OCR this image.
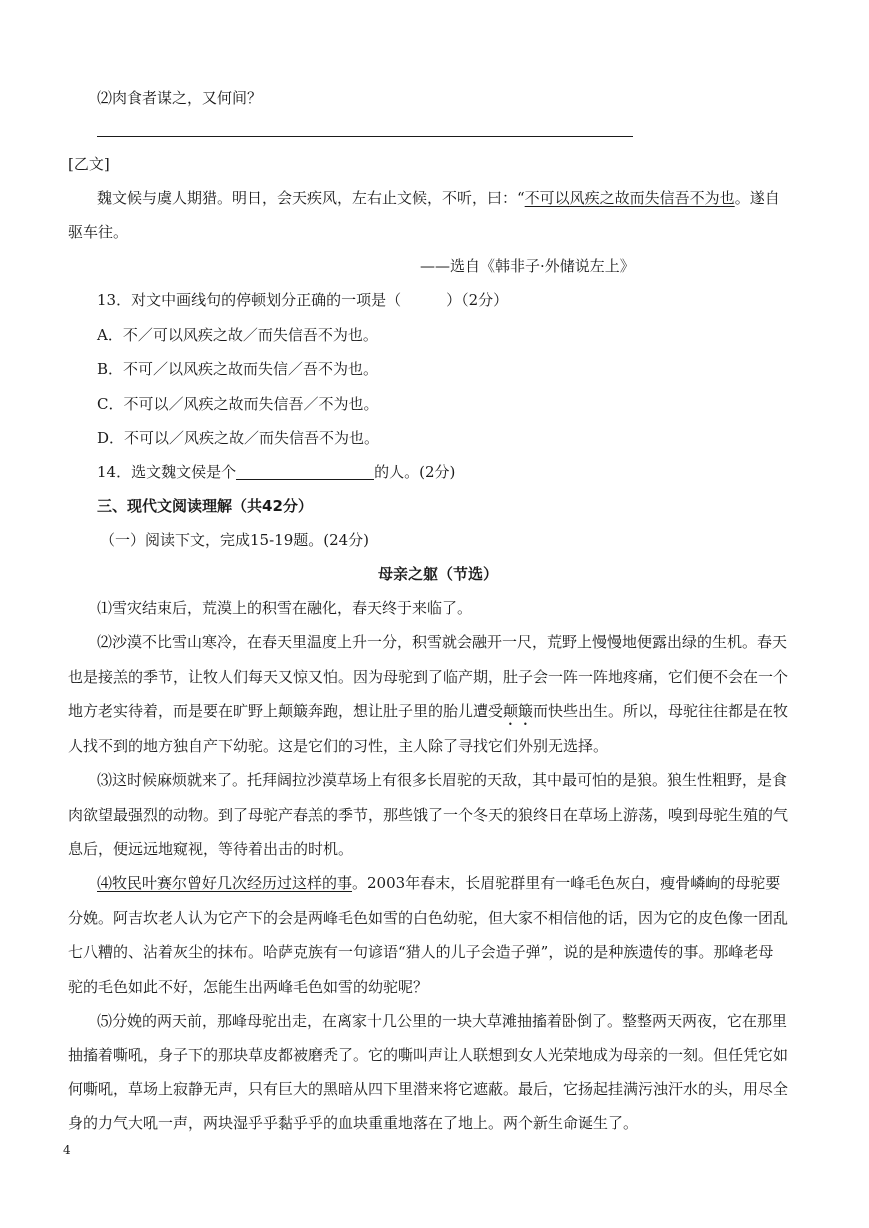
⑵肉食者谋之，又何间？
[乙文]
魏文候与虞人期猎。明日，会天疾风，左右止文候，不听，曰：“不可以风疾之故而失信吾不为也。遂自
驱车往。
——选自《韩非子·外储说左上》
13．对文中画线句的停顿划分正确的一项是（　　　）（2分）
A．不／可以风疾之故／而失信吾不为也。
B．不可／以风疾之故而失信／吾不为也。
C．不可以／风疾之故而失信吾／不为也。
D．不可以／风疾之故／而失信吾不为也。
14．选文魏文侯是个	的人。(2分)
三、现代文阅读理解（共42分）
（一）阅读下文，完成15-19题。(24分)
母亲之躯（节选）
⑴雪灾结束后，荒漠上的积雪在融化，春天终于来临了。
⑵沙漠不比雪山寒冷，在春天里温度上升一分，积雪就会融开一尺，荒野上慢慢地便露出绿的生机。春天
也是接羔的季节，让牧人们每天又惊又怕。因为母驼到了临产期，肚子会一阵一阵地疼痛，它们便不会在一个
地方老实待着，而是要在旷野上颠簸奔跑，想让肚子里的胎儿遭受颠簸而快些出生。所以，母驼往往都是在牧
人找不到的地方独自产下幼驼。这是它们的习性，主人除了寻找它们外别无选择。
⑶这时候麻烦就来了。托拜阔拉沙漠草场上有很多长眉驼的天敌，其中最可怕的是狼。狼生性粗野，是食
肉欲望最强烈的动物。到了母驼产春羔的季节，那些饿了一个冬天的狼终日在草场上游荡，嗅到母驼生殖的气
息后，便远远地窥视，等待着出击的时机。
⑷牧民叶赛尔曾好几次经历过这样的事。2003年春末，长眉驼群里有一峰毛色灰白，瘦骨嶙峋的母驼要
分娩。阿吉坎老人认为它产下的会是两峰毛色如雪的白色幼驼，但大家不相信他的话，因为它的皮色像一团乱
七八糟的、沾着灰尘的抹布。哈萨克族有一句谚语“猎人的儿子会造子弹”，说的是种族遗传的事。那峰老母
驼的毛色如此不好，怎能生出两峰毛色如雪的幼驼呢？
⑸分娩的两天前，那峰母驼出走，在离家十几公里的一块大草滩抽搐着卧倒了。整整两天两夜，它在那里
抽搐着嘶吼，身子下的那块草皮都被磨秃了。它的嘶叫声让人联想到女人光荣地成为母亲的一刻。但任凭它如
何嘶吼，草场上寂静无声，只有巨大的黑暗从四下里潜来将它遮蔽。最后，它扬起挂满污浊汗水的头，用尽全
身的力气大吼一声，两块湿乎乎黏乎乎的血块重重地落在了地上。两个新生命诞生了。
4
